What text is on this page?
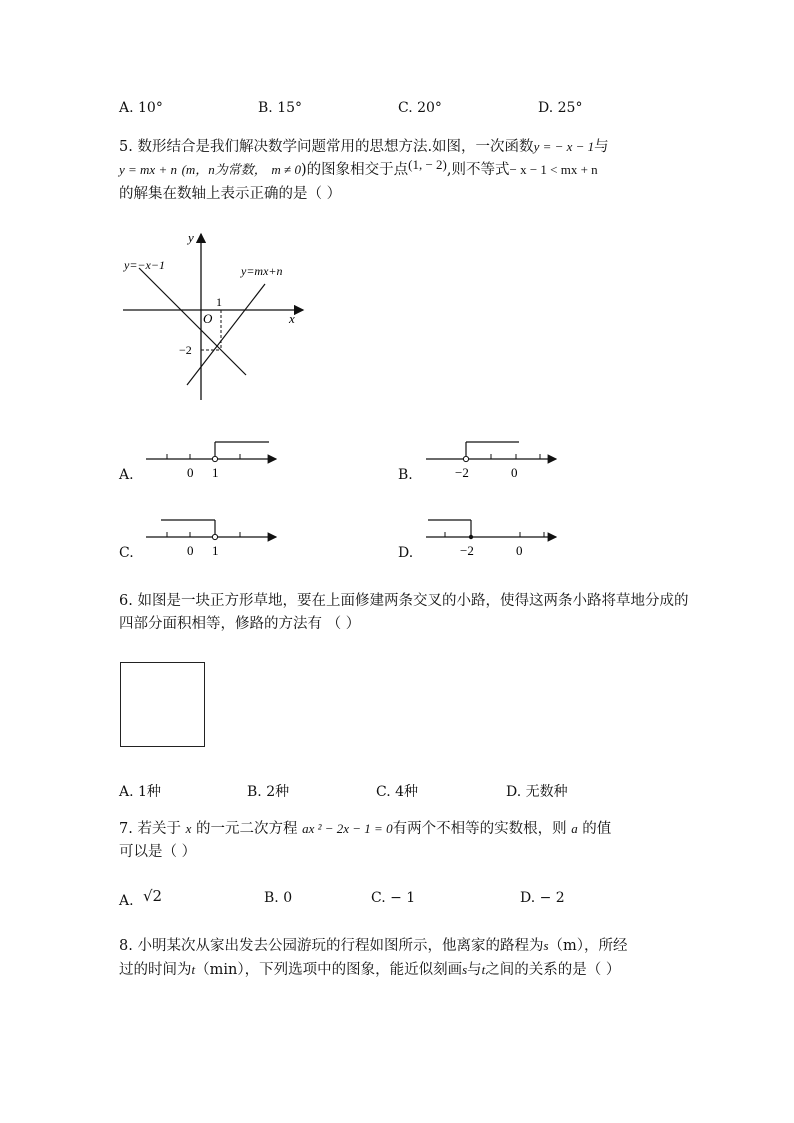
A. 10°	B. 15°	C. 20°	D. 25°
5. 数形结合是我们解决数学问题常用的思想方法.如图，一次函数y = − x − 1与
y = mx + n (m，n为常数， m ≠ 0)的图象相交于点(1, − 2),则不等式− x − 1 < mx + n
的解集在数轴上表示正确的是（ ）
y
x
O
1
−2
y=−x−1	y=mx+n
A.	0 1	B.	−2	0
C.	0 1	D.	−2	0
6. 如图是一块正方形草地，要在上面修建两条交叉的小路，使得这两条小路将草地分成的
四部分面积相等，修路的方法有 （ ）
A. 1种	B. 2种	C. 4种	D. 无数种
7. 若关于 x 的一元二次方程 ax ² − 2x − 1 = 0有两个不相等的实数根，则 a 的值
可以是（ ）
A. √2	B. 0	C. − 1	D. − 2
8. 小明某次从家出发去公园游玩的行程如图所示，他离家的路程为s（m），所经
过的时间为t（min），下列选项中的图象，能近似刻画s与t之间的关系的是（ ）
